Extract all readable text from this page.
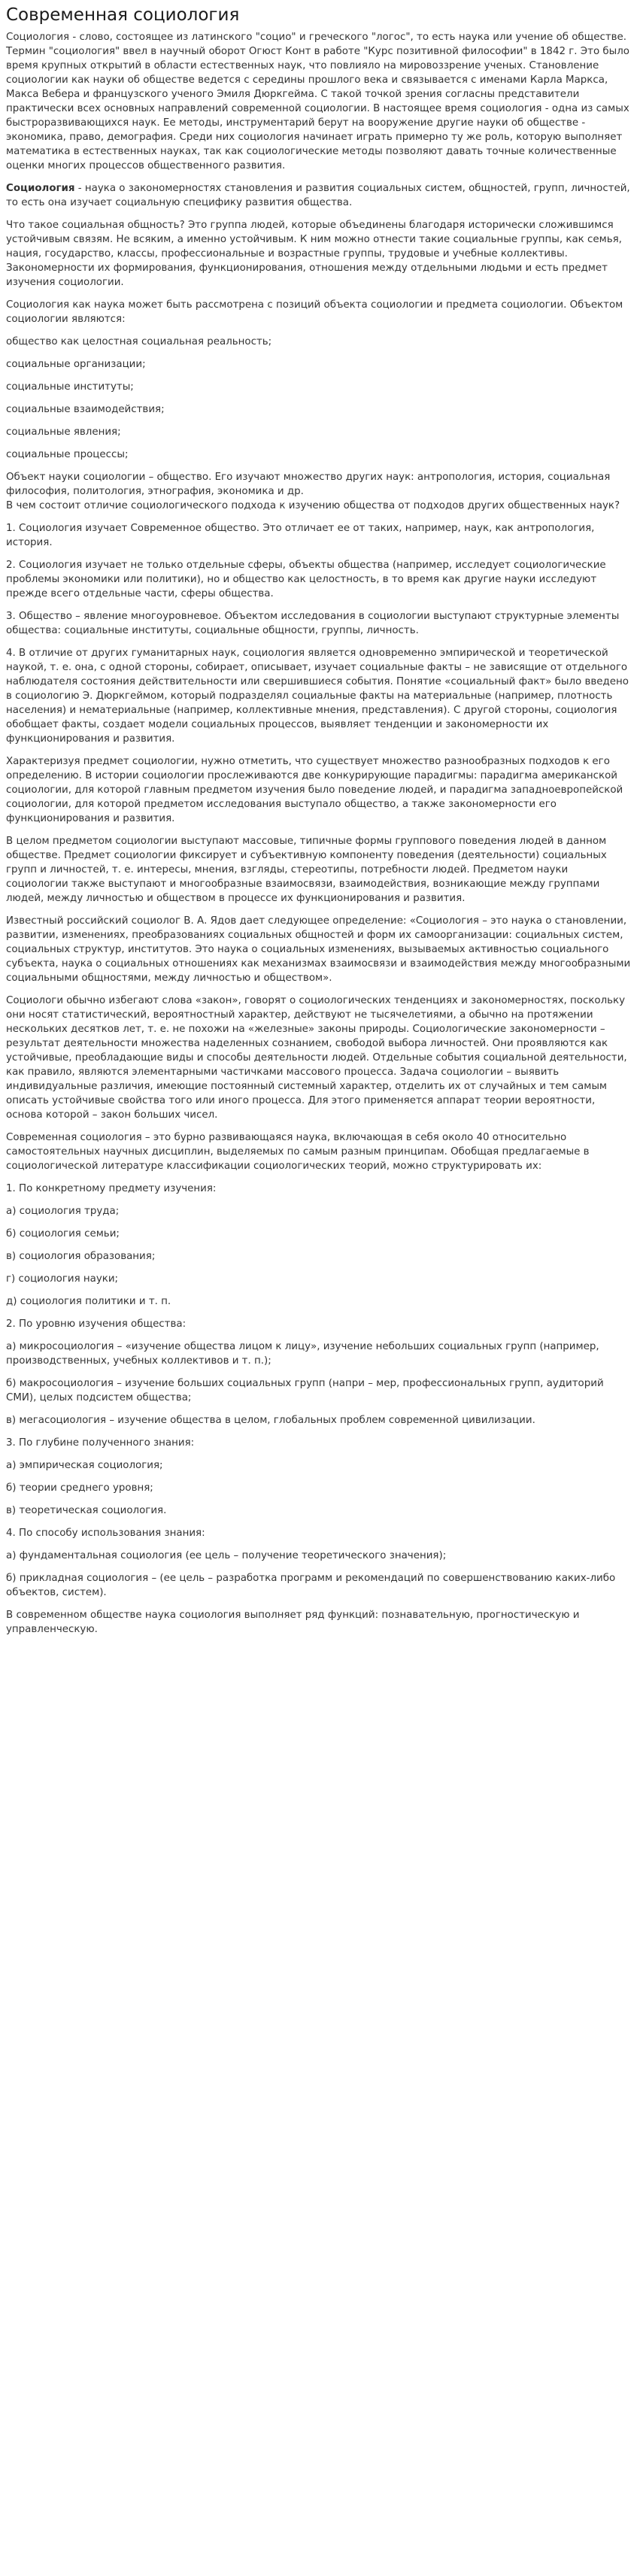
Современная социология

Социология - слово, состоящее из латинского "социо" и греческого "логос", то есть наука или учение об обществе. Термин "социология" ввел в научный оборот Огюст Конт в работе "Курс позитивной философии" в 1842 г. Это было время крупных открытий в области естественных наук, что повлияло на мировоззрение ученых. Становление социологии как науки об обществе ведется с середины прошлого века и связывается с именами Карла Маркса, Макса Вебера и французского ученого Эмиля Дюркгейма. С такой точкой зрения согласны представители практически всех основных направлений современной социологии. В настоящее время социология - одна из самых быстроразвивающихся наук. Ее методы, инструментарий берут на вооружение другие науки об обществе - экономика, право, демография. Среди них социология начинает играть примерно ту же роль, которую выполняет математика в естественных науках, так как социологические методы позволяют давать точные количественные оценки многих процессов общественного развития.

Социология - наука о закономерностях становления и развития социальных систем, общностей, групп, личностей, то есть она изучает социальную специфику развития общества.

Что такое социальная общность? Это группа людей, которые объединены благодаря исторически сложившимся устойчивым связям. Не всяким, а именно устойчивым. К ним можно отнести такие социальные группы, как семья, нация, государство, классы, профессиональные и возрастные группы, трудовые и учебные коллективы. Закономерности их формирования, функционирования, отношения между отдельными людьми и есть предмет изучения социологии.

Социология как наука может быть рассмотрена с позиций объекта социологии и предмета социологии. Объектом социологии являются:

общество как целостная социальная реальность;

социальные организации;

социальные институты;

социальные взаимодействия;

социальные явления;

социальные процессы;

Объект науки социологии – общество. Его изучают множество других наук: антропология, история, социальная философия, политология, этнография, экономика и др.

В чем состоит отличие социологического подхода к изучению общества от подходов других общественных наук?

1. Социология изучает Современное общество. Это отличает ее от таких, например, наук, как антропология, история.

2. Социология изучает не только отдельные сферы, объекты общества (например, исследует социологические проблемы экономики или политики), но и общество как целостность, в то время как другие науки исследуют прежде всего отдельные части, сферы общества.

3. Общество – явление многоуровневое. Объектом исследования в социологии выступают структурные элементы общества: социальные институты, социальные общности, группы, личность.

4. В отличие от других гуманитарных наук, социология является одновременно эмпирической и теоретической наукой, т. е. она, с одной стороны, собирает, описывает, изучает социальные факты – не зависящие от отдельного наблюдателя состояния действительности или свершившиеся события. Понятие «социальный факт» было введено в социологию Э. Дюркгеймом, который подразделял социальные факты на материальные (например, плотность населения) и нематериальные (например, коллективные мнения, представления). С другой стороны, социология обобщает факты, создает модели социальных процессов, выявляет тенденции и закономерности их функционирования и развития.

Характеризуя предмет социологии, нужно отметить, что существует множество разнообразных подходов к его определению. В истории социологии прослеживаются две конкурирующие парадигмы: парадигма американской социологии, для которой главным предметом изучения было поведение людей, и парадигма западноевропейской социологии, для которой предметом исследования выступало общество, а также закономерности его функционирования и развития.

В целом предметом социологии выступают массовые, типичные формы группового поведения людей в данном обществе. Предмет социологии фиксирует и субъективную компоненту поведения (деятельности) социальных групп и личностей, т. е. интересы, мнения, взгляды, стереотипы, потребности людей. Предметом науки социологии также выступают и многообразные взаимосвязи, взаимодействия, возникающие между группами людей, между личностью и обществом в процессе их функционирования и развития.

Известный российский социолог В. А. Ядов дает следующее определение: «Социология – это наука о становлении, развитии, изменениях, преобразованиях социальных общностей и форм их самоорганизации: социальных систем, социальных структур, институтов. Это наука о социальных изменениях, вызываемых активностью социального субъекта, наука о социальных отношениях как механизмах взаимосвязи и взаимодействия между многообразными социальными общностями, между личностью и обществом».

Социологи обычно избегают слова «закон», говорят о социологических тенденциях и закономерностях, поскольку они носят статистический, вероятностный характер, действуют не тысячелетиями, а обычно на протяжении нескольких десятков лет, т. е. не похожи на «железные» законы природы. Социологические закономерности – результат деятельности множества наделенных сознанием, свободой выбора личностей. Они проявляются как устойчивые, преобладающие виды и способы деятельности людей. Отдельные события социальной деятельности, как правило, являются элементарными частичками массового процесса. Задача социологии – выявить индивидуальные различия, имеющие постоянный системный характер, отделить их от случайных и тем самым описать устойчивые свойства того или иного процесса. Для этого применяется аппарат теории вероятности, основа которой – закон больших чисел.

Современная социология – это бурно развивающаяся наука, включающая в себя около 40 относительно самостоятельных научных дисциплин, выделяемых по самым разным принципам. Обобщая предлагаемые в социологической литературе классификации социологических теорий, можно структурировать их:

1. По конкретному предмету изучения:

а) социология труда;

б) социология семьи;

в) социология образования;

г) социология науки;

д) социология политики и т. п.

2. По уровню изучения общества:

а) микросоциология – «изучение общества лицом к лицу», изучение небольших социальных групп (например, производственных, учебных коллективов и т. п.);

б) макросоциология – изучение больших социальных групп (напри – мер, профессиональных групп, аудиторий СМИ), целых подсистем общества;

в) мегасоциология – изучение общества в целом, глобальных проблем современной цивилизации.

3. По глубине полученного знания:

а) эмпирическая социология;

б) теории среднего уровня;

в) теоретическая социология.

4. По способу использования знания:

а) фундаментальная социология (ее цель – получение теоретического значения);

б) прикладная социология – (ее цель – разработка программ и рекомендаций по совершенствованию каких-либо объектов, систем).

В современном обществе наука социология выполняет ряд функций: познавательную, прогностическую и управленческую.
